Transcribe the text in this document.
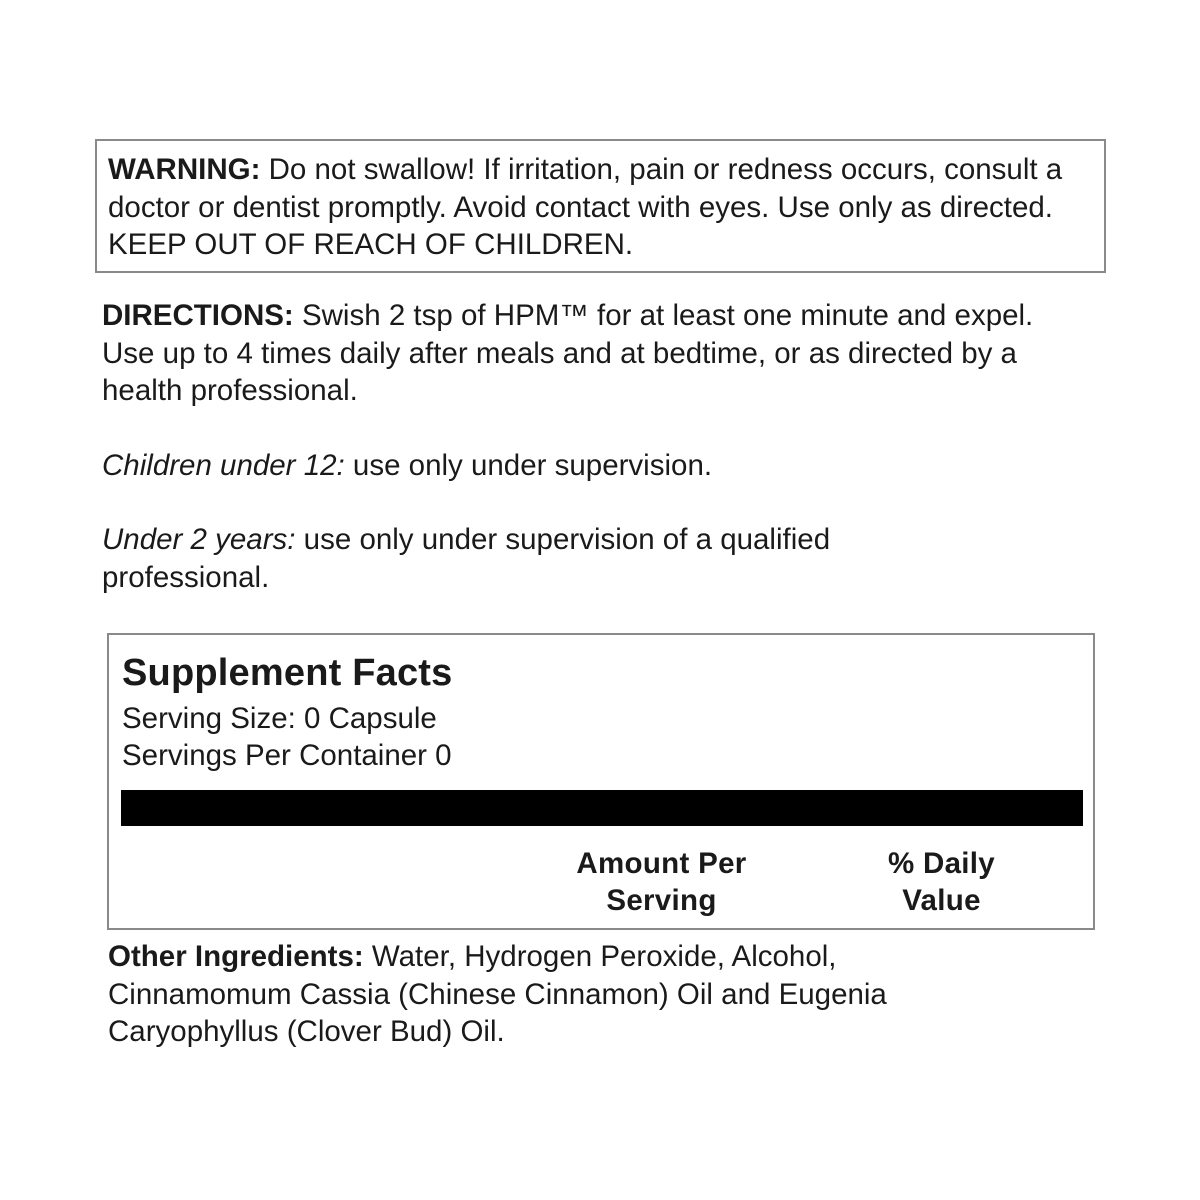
WARNING: Do not swallow! If irritation, pain or redness occurs, consult a doctor or dentist promptly. Avoid contact with eyes. Use only as directed. KEEP OUT OF REACH OF CHILDREN.
DIRECTIONS: Swish 2 tsp of HPM™ for at least one minute and expel. Use up to 4 times daily after meals and at bedtime, or as directed by a health professional.
Children under 12: use only under supervision.
Under 2 years: use only under supervision of a qualified professional.
Supplement Facts
Serving Size: 0 Capsule
Servings Per Container 0
Amount Per
Serving
% Daily
Value
Other Ingredients: Water, Hydrogen Peroxide, Alcohol, Cinnamomum Cassia (Chinese Cinnamon) Oil and Eugenia Caryophyllus (Clover Bud) Oil.
